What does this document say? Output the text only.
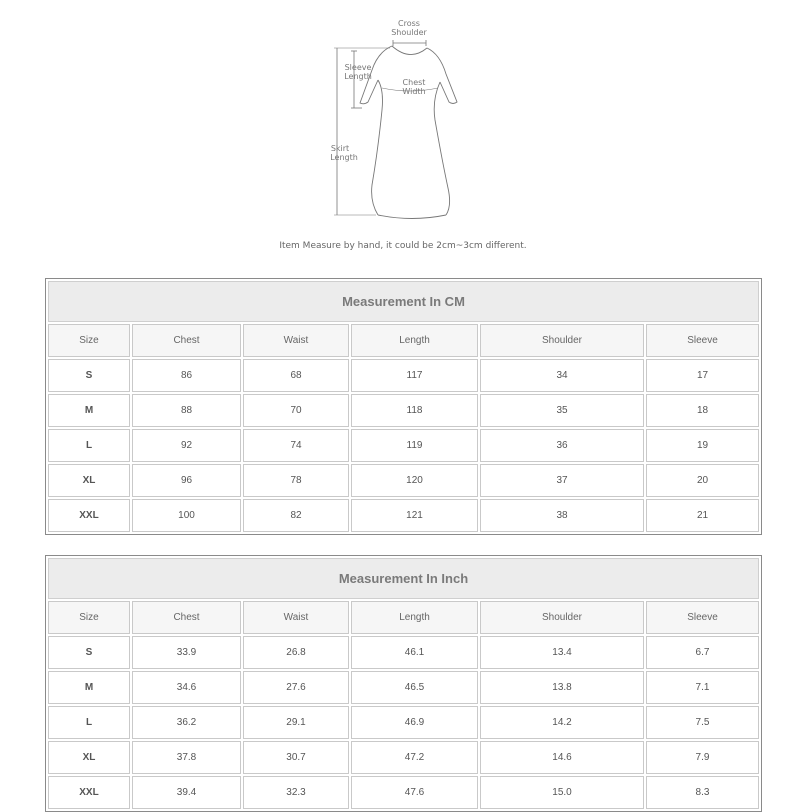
Cross
Shoulder
Sleeve
Length
Chest
Width
Skirt
Length
Item Measure by hand, it could be 2cm~3cm different.
Measurement In CM					
Size	Chest	Waist	Length	Shoulder	Sleeve
S	86	68	117	34	17
M	88	70	118	35	18
L	92	74	119	36	19
XL	96	78	120	37	20
XXL	100	82	121	38	21
Measurement In Inch					
Size	Chest	Waist	Length	Shoulder	Sleeve
S	33.9	26.8	46.1	13.4	6.7
M	34.6	27.6	46.5	13.8	7.1
L	36.2	29.1	46.9	14.2	7.5
XL	37.8	30.7	47.2	14.6	7.9
XXL	39.4	32.3	47.6	15.0	8.3
